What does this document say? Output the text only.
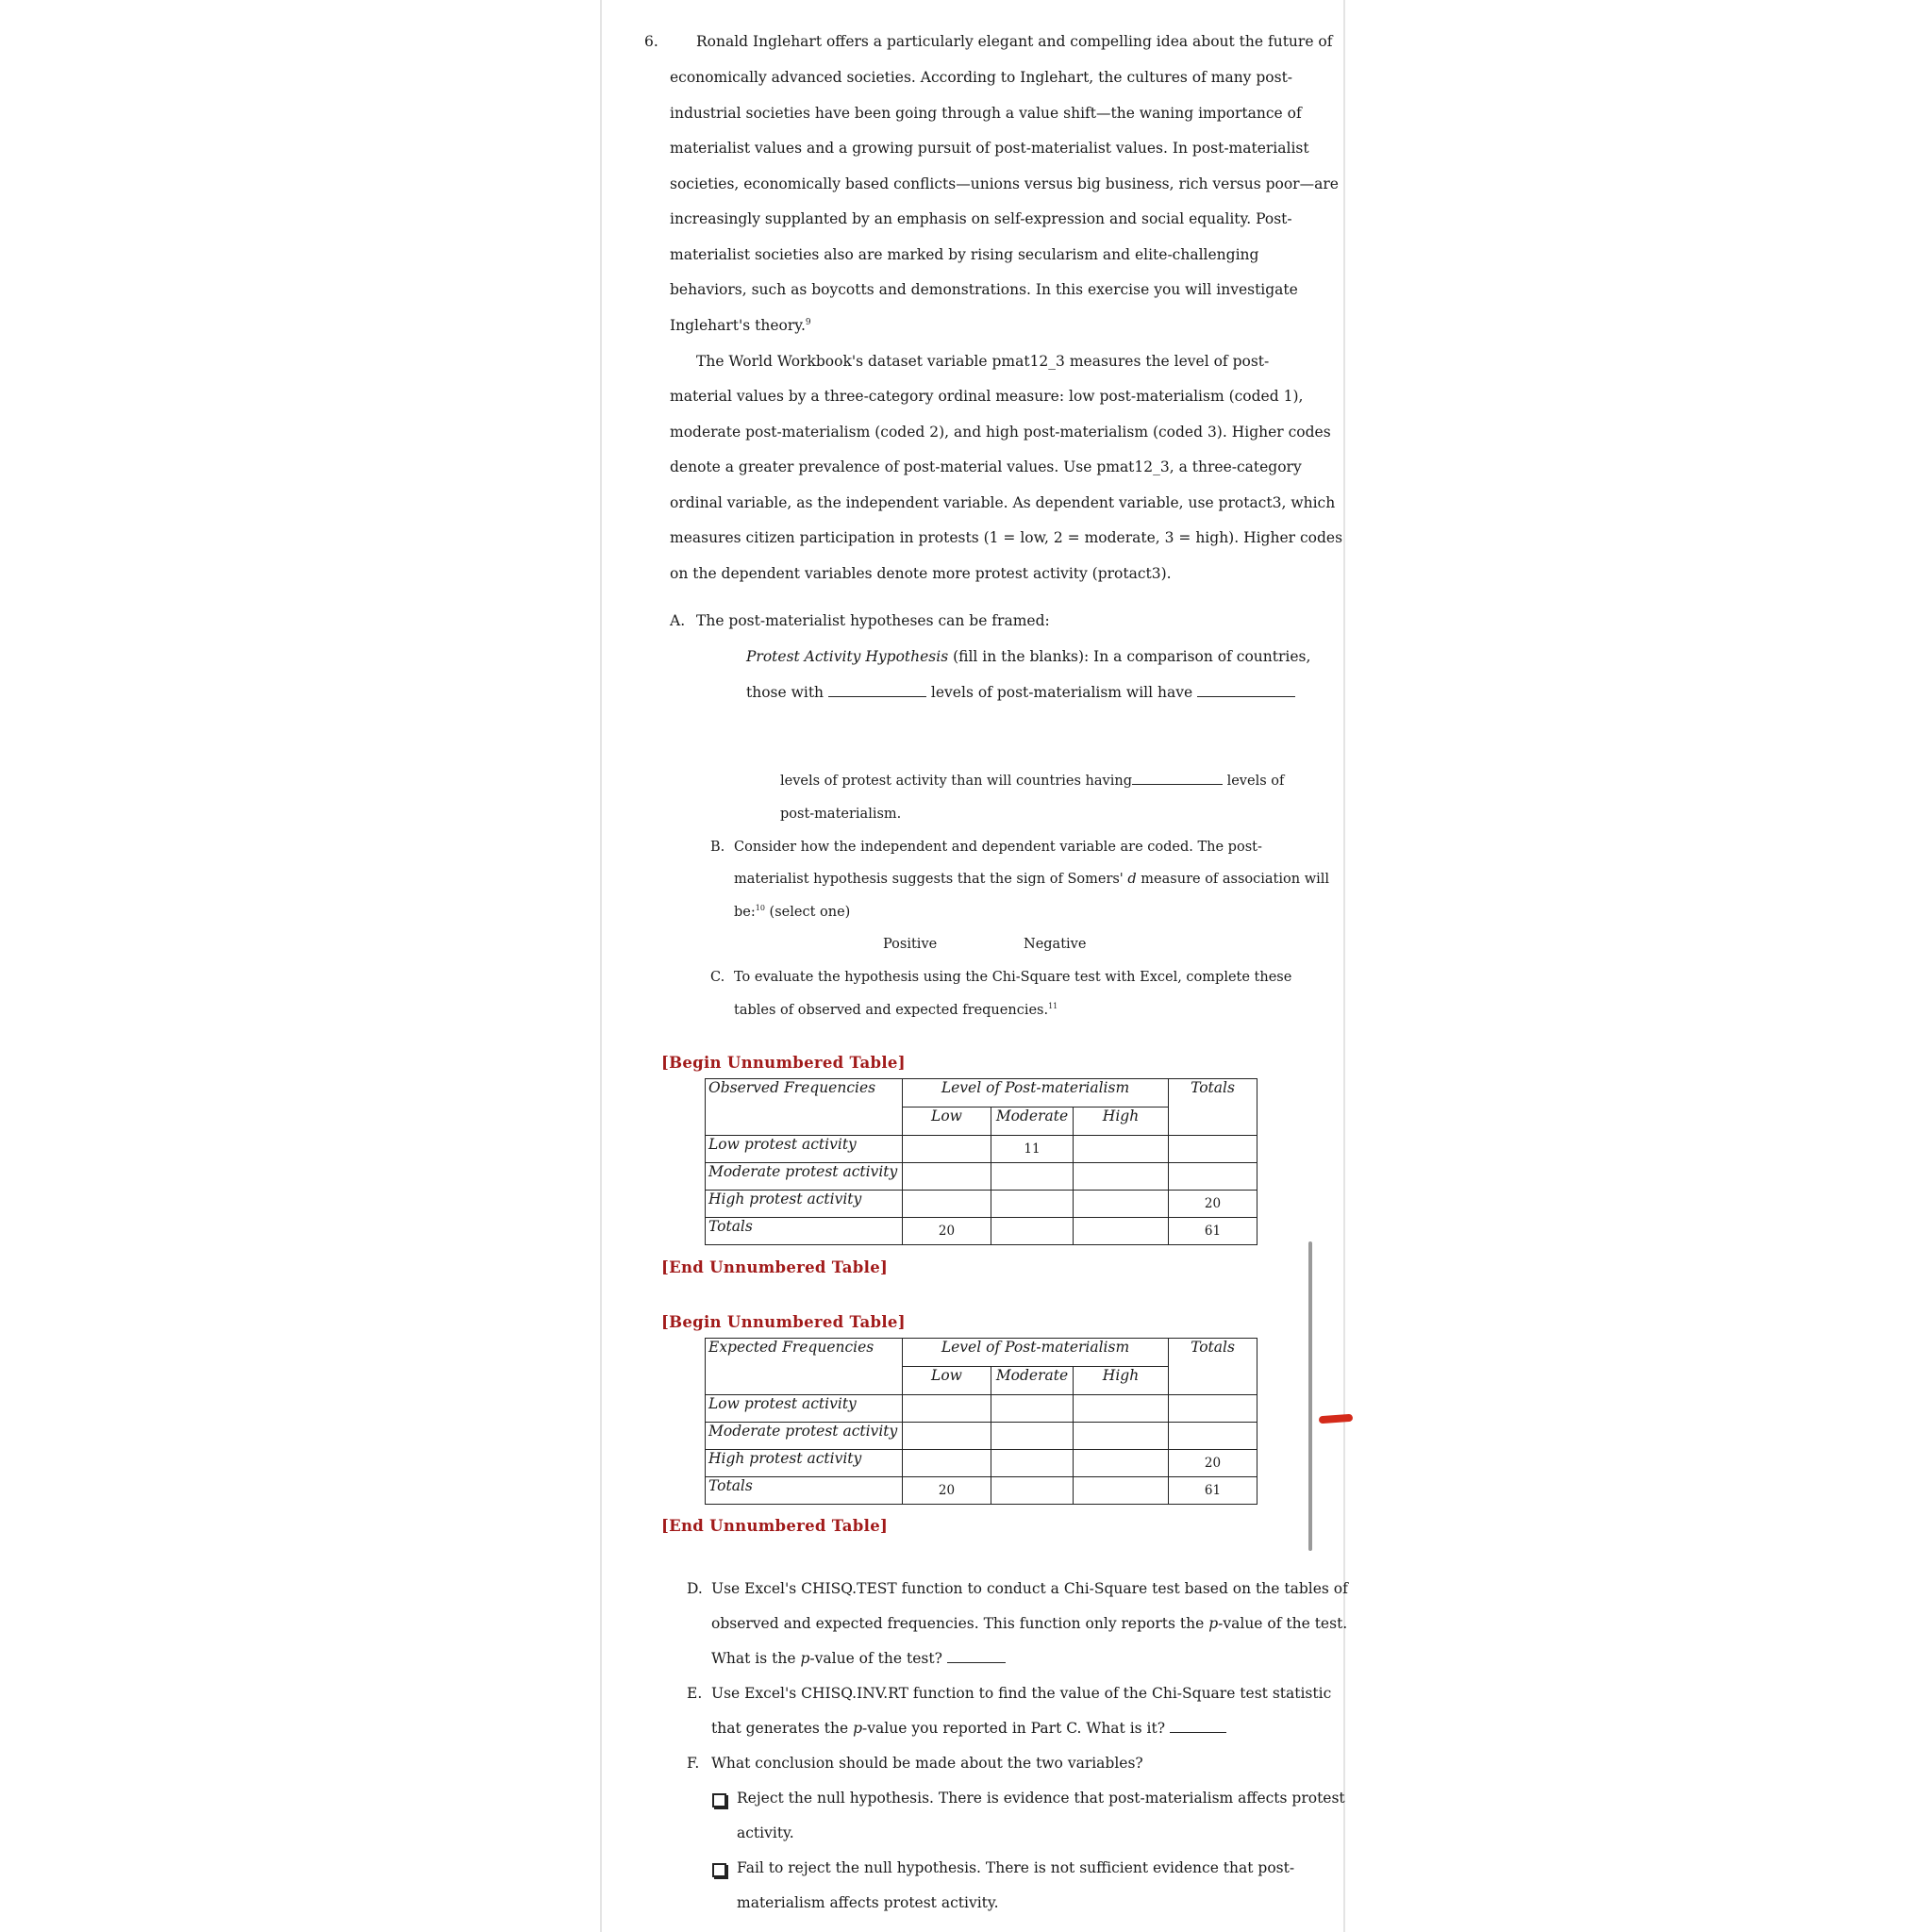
6.	Ronald Inglehart offers a particularly elegant and compelling idea about the future of
economically advanced societies. According to Inglehart, the cultures of many post-
industrial societies have been going through a value shift—the waning importance of
materialist values and a growing pursuit of post-materialist values. In post-materialist
societies, economically based conflicts—unions versus big business, rich versus poor—are
increasingly supplanted by an emphasis on self-expression and social equality. Post-
materialist societies also are marked by rising secularism and elite-challenging
behaviors, such as boycotts and demonstrations. In this exercise you will investigate
Inglehart's theory.$^9$
The World Workbook's dataset variable pmat12_3 measures the level of post-
material values by a three-category ordinal measure: low post-materialism (coded 1),
moderate post-materialism (coded 2), and high post-materialism (coded 3). Higher codes
denote a greater prevalence of post-material values. Use pmat12_3, a three-category
ordinal variable, as the independent variable. As dependent variable, use protact3, which
measures citizen participation in protests (1 = low, 2 = moderate, 3 = high). Higher codes
on the dependent variables denote more protest activity (protact3).
A. The post-materialist hypotheses can be framed:
Protest Activity Hypothesis (fill in the blanks): In a comparison of countries,
those with	levels of post-materialism will have
levels of protest activity than will countries having	levels of
post-materialism.
B. Consider how the independent and dependent variable are coded. The post-
materialist hypothesis suggests that the sign of Somers' d measure of association will
be:$^{10}$ (select one)
Positive	Negative
C. To evaluate the hypothesis using the Chi-Square test with Excel, complete these
tables of observed and expected frequencies.$^{11}$
[Begin Unnumbered Table]
Observed Frequencies	Level of Post-materialism			Totals
	Low	Moderate	High	
Low protest activity		11		
Moderate protest activity				
High protest activity				20
Totals	20			61
[End Unnumbered Table]
[Begin Unnumbered Table]
Expected Frequencies	Level of Post-materialism			Totals
	Low	Moderate	High	
Low protest activity				
Moderate protest activity				
High protest activity				20
Totals	20			61
[End Unnumbered Table]
D. Use Excel's CHISQ.TEST function to conduct a Chi-Square test based on the tables of
observed and expected frequencies. This function only reports the p-value of the test.
What is the p-value of the test?
E. Use Excel's CHISQ.INV.RT function to find the value of the Chi-Square test statistic
that generates the p-value you reported in Part C. What is it?
F. What conclusion should be made about the two variables?
Reject the null hypothesis. There is evidence that post-materialism affects protest
activity.
Fail to reject the null hypothesis. There is not sufficient evidence that post-
materialism affects protest activity.
